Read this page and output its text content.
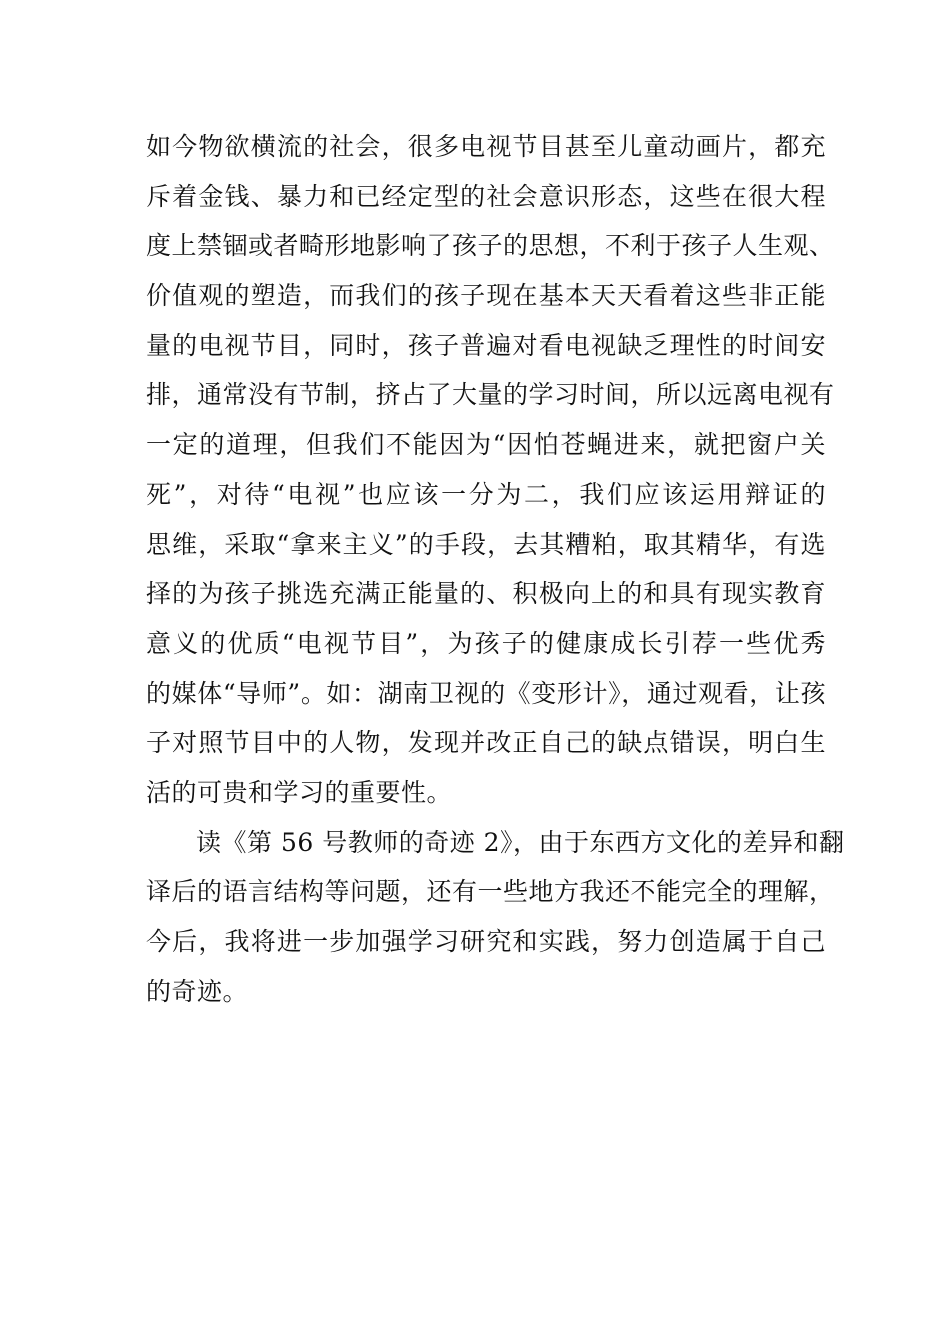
如今物欲横流的社会，很多电视节目甚至儿童动画片，都充
斥着金钱、暴力和已经定型的社会意识形态，这些在很大程
度上禁锢或者畸形地影响了孩子的思想，不利于孩子人生观、
价值观的塑造，而我们的孩子现在基本天天看着这些非正能
量的电视节目，同时，孩子普遍对看电视缺乏理性的时间安
排，通常没有节制，挤占了大量的学习时间，所以远离电视有
一定的道理，但我们不能因为“因怕苍蝇进来，就把窗户关
死”，对待“电视”也应该一分为二，我们应该运用辩证的
思维，采取“拿来主义”的手段，去其糟粕，取其精华，有选
择的为孩子挑选充满正能量的、积极向上的和具有现实教育
意义的优质“电视节目”，为孩子的健康成长引荐一些优秀
的媒体“导师”。如：湖南卫视的《变形计》，通过观看，让孩
子对照节目中的人物，发现并改正自己的缺点错误，明白生
活的可贵和学习的重要性。
读《第 56 号教师的奇迹 2》，由于东西方文化的差异和翻
译后的语言结构等问题，还有一些地方我还不能完全的理解，
今后，我将进一步加强学习研究和实践，努力创造属于自己
的奇迹。
